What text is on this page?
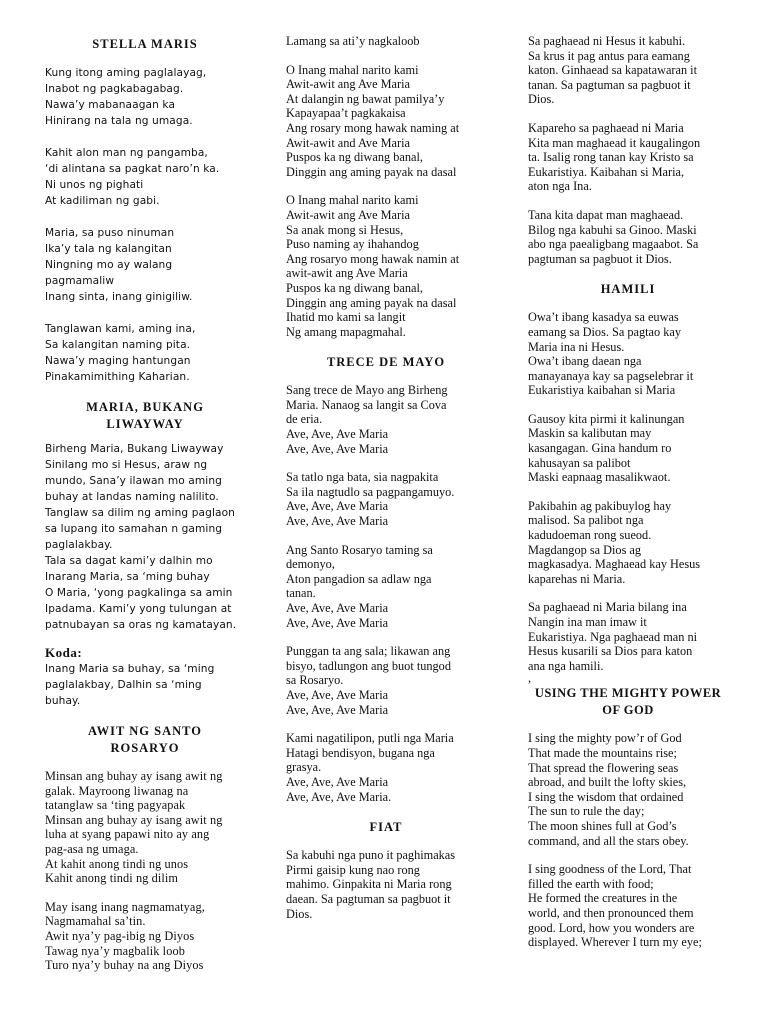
STELLA MARIS
Kung itong aming paglalayag,
Inabot ng pagkabagabag.
Nawa’y mabanaagan ka
Hinirang na tala ng umaga.
Kahit alon man ng pangamba,
‘di alintana sa pagkat naro’n ka.
Ni unos ng pighati
At kadiliman ng gabi.
Maria, sa puso ninuman
Ika’y tala ng kalangitan
Ningning mo ay walang
pagmamaliw
Inang sinta, inang ginigiliw.
Tanglawan kami, aming ina,
Sa kalangitan naming pita.
Nawa’y maging hantungan
Pinakamimithing Kaharian.
MARIA, BUKANG
LIWAYWAY
Birheng Maria, Bukang Liwayway
Sinilang mo si Hesus, araw ng
mundo, Sana’y ilawan mo aming
buhay at landas naming nalilito.
Tanglaw sa dilim ng aming paglaon
sa lupang ito samahan n gaming
paglalakbay.
Tala sa dagat kami’y dalhin mo
Inarang Maria, sa ‘ming buhay
O Maria, ‘yong pagkalinga sa amin
Ipadama. Kami’y yong tulungan at
patnubayan sa oras ng kamatayan.
Koda:
Inang Maria sa buhay, sa ‘ming
paglalakbay, Dalhin sa ‘ming
buhay.
AWIT NG SANTO
ROSARYO
Minsan ang buhay ay isang awit ng
galak. Mayroong liwanag na
tatanglaw sa ‘ting pagyapak
Minsan ang buhay ay isang awit ng
luha at syang papawi nito ay ang
pag-asa ng umaga.
At kahit anong tindi ng unos
Kahit anong tindi ng dilim
May isang inang nagmamatyag,
Nagmamahal sa’tin.
Awit nya’y pag-ibig ng Diyos
Tawag nya’y magbalik loob
Turo nya’y buhay na ang Diyos
Lamang sa ati’y nagkaloob
O Inang mahal narito kami
Awit-awit ang Ave Maria
At dalangin ng bawat pamilya’y
Kapayapaa’t pagkakaisa
Ang rosary mong hawak naming at
Awit-awit and Ave Maria
Puspos ka ng diwang banal,
Dinggin ang aming payak na dasal
O Inang mahal narito kami
Awit-awit ang Ave Maria
Sa anak mong si Hesus,
Puso naming ay ihahandog
Ang rosaryo mong hawak namin at
awit-awit ang Ave Maria
Puspos ka ng diwang banal,
Dinggin ang aming payak na dasal
Ihatid mo kami sa langit
Ng amang mapagmahal.
TRECE DE MAYO
Sang trece de Mayo ang Birheng
Maria. Nanaog sa langit sa Cova
de eria.
Ave, Ave, Ave Maria
Ave, Ave, Ave Maria
Sa tatlo nga bata, sia nagpakita
Sa ila nagtudlo sa pagpangamuyo.
Ave, Ave, Ave Maria
Ave, Ave, Ave Maria
Ang Santo Rosaryo taming sa
demonyo,
Aton pangadion sa adlaw nga
tanan.
Ave, Ave, Ave Maria
Ave, Ave, Ave Maria
Punggan ta ang sala; likawan ang
bisyo, tadlungon ang buot tungod
sa Rosaryo.
Ave, Ave, Ave Maria
Ave, Ave, Ave Maria
Kami nagatilipon, putli nga Maria
Hatagi bendisyon, bugana nga
grasya.
Ave, Ave, Ave Maria
Ave, Ave, Ave Maria.
FIAT
Sa kabuhi nga puno it paghimakas
Pirmi gaisip kung nao rong
mahimo. Ginpakita ni Maria rong
daean. Sa pagtuman sa pagbuot it
Dios.
Sa paghaead ni Hesus it kabuhi.
Sa krus it pag antus para eamang
katon. Ginhaead sa kapatawaran it
tanan. Sa pagtuman sa pagbuot it
Dios.
Kapareho sa paghaead ni Maria
Kita man maghaead it kaugalingon
ta. Isalig rong tanan kay Kristo sa
Eukaristiya. Kaibahan si Maria,
aton nga Ina.
Tana kita dapat man maghaead.
Bilog nga kabuhi sa Ginoo. Maski
abo nga paealigbang magaabot. Sa
pagtuman sa pagbuot it Dios.
HAMILI
Owa’t ibang kasadya sa euwas
eamang sa Dios. Sa pagtao kay
Maria ina ni Hesus.
Owa’t ibang daean nga
manayanaya kay sa pagselebrar it
Eukaristiya kaibahan si Maria
Gausoy kita pirmi it kalinungan
Maskin sa kalibutan may
kasangagan. Gina handum ro
kahusayan sa palibot
Maski eapnaag masalikwaot.
Pakibahin ag pakibuylog hay
malisod. Sa palibot nga
kadudoeman rong sueod.
Magdangop sa Dios ag
magkasadya. Maghaead kay Hesus
kaparehas ni Maria.
Sa paghaead ni Maria bilang ina
Nangin ina man imaw it
Eukaristiya. Nga paghaead man ni
Hesus kusarili sa Dios para katon
ana nga hamili.
,
USING THE MIGHTY POWER
OF GOD
I sing the mighty pow’r of God
That made the mountains rise;
That spread the flowering seas
abroad, and built the lofty skies,
I sing the wisdom that ordained
The sun to rule the day;
The moon shines full at God’s
command, and all the stars obey.
I sing goodness of the Lord, That
filled the earth with food;
He formed the creatures in the
world, and then pronounced them
good. Lord, how you wonders are
displayed. Wherever I turn my eye;
